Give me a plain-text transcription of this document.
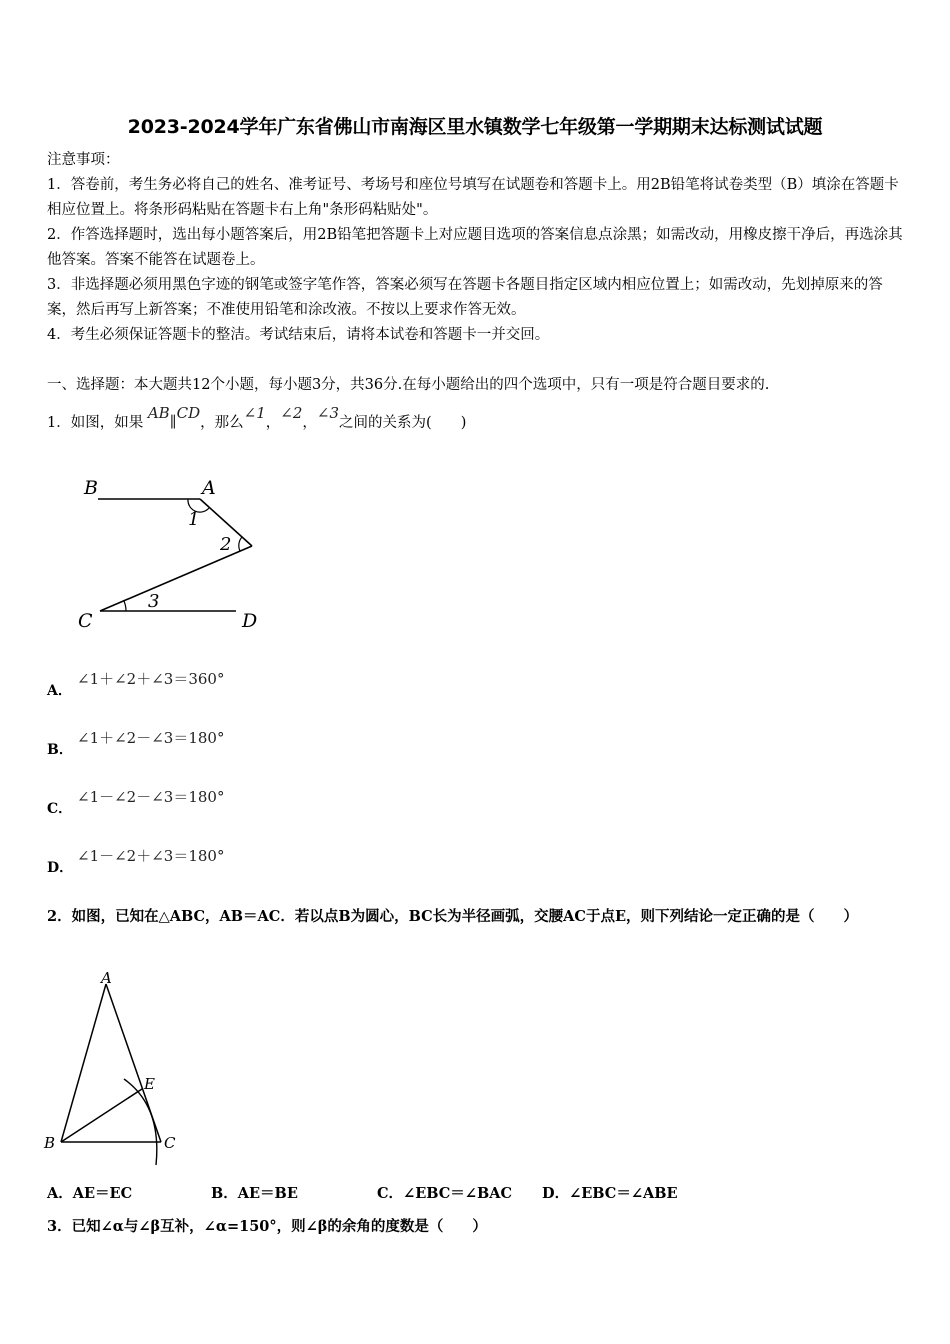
2023-2024学年广东省佛山市南海区里水镇数学七年级第一学期期末达标测试试题

注意事项：

1．答卷前，考生务必将自己的姓名、准考证号、考场号和座位号填写在试题卷和答题卡上。用2B铅笔将试卷类型（B）填涂在答题卡相应位置上。将条形码粘贴在答题卡右上角"条形码粘贴处"。

2．作答选择题时，选出每小题答案后，用2B铅笔把答题卡上对应题目选项的答案信息点涂黑；如需改动，用橡皮擦干净后，再选涂其他答案。答案不能答在试题卷上。

3．非选择题必须用黑色字迹的钢笔或签字笔作答，答案必须写在答题卡各题目指定区域内相应位置上；如需改动，先划掉原来的答案，然后再写上新答案；不准使用铅笔和涂改液。不按以上要求作答无效。

4．考生必须保证答题卡的整洁。考试结束后，请将本试卷和答题卡一并交回。

一、选择题：本大题共12个小题，每小题3分，共36分.在每小题给出的四个选项中，只有一项是符合题目要求的.
1．如图，如果 AB∥CD，那么∠1，∠2，∠3之间的关系为(　　)
B	A
1
2
3
C	D
A．
∠1＋∠2＋∠3＝360°
B．
∠1＋∠2－∠3＝180°
C．
∠1－∠2－∠3＝180°
D．
∠1－∠2＋∠3＝180°
2．如图，已知在△ABC，AB＝AC．若以点B为圆心，BC长为半径画弧，交腰AC于点E，则下列结论一定正确的是（　　）
A
E
B	C
A．AE＝EC	B．AE＝BE	C．∠EBC＝∠BAC D．∠EBC＝∠ABE
3．已知∠α与∠β互补，∠α=150°，则∠β的余角的度数是（　　）
